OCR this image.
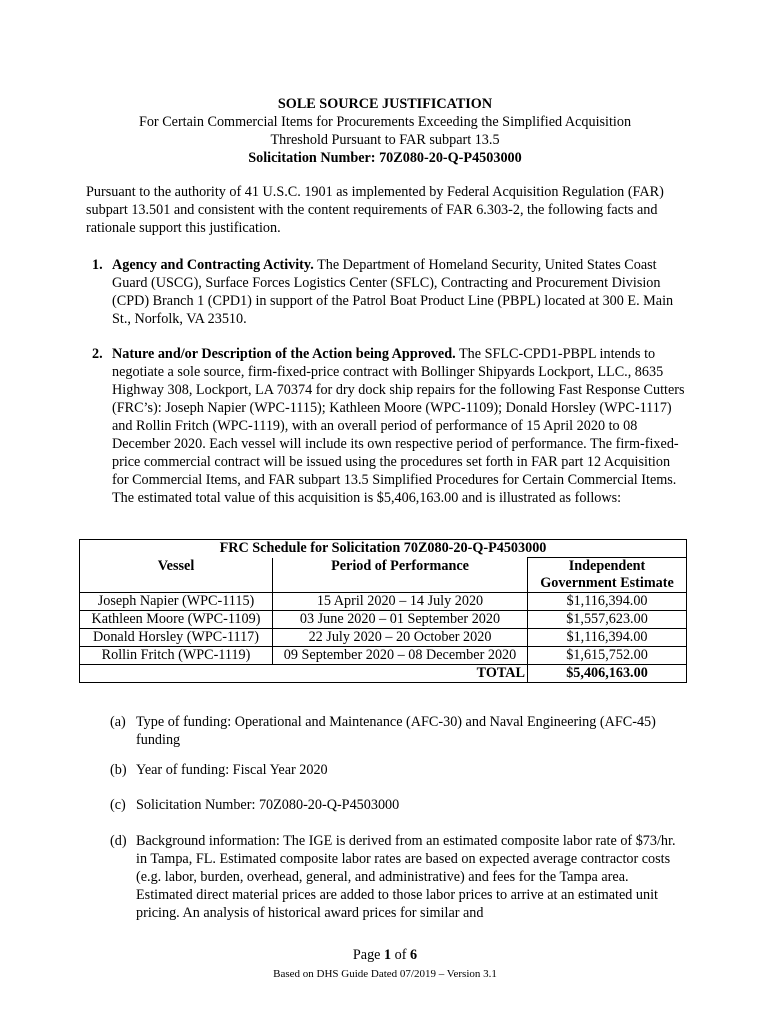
SOLE SOURCE JUSTIFICATION
For Certain Commercial Items for Procurements Exceeding the Simplified Acquisition
Threshold Pursuant to FAR subpart 13.5
Solicitation Number: 70Z080-20-Q-P4503000
Pursuant to the authority of 41 U.S.C. 1901 as implemented by Federal Acquisition Regulation (FAR) subpart 13.501 and consistent with the content requirements of FAR 6.303-2, the following facts and rationale support this justification.
1. Agency and Contracting Activity. The Department of Homeland Security, United States Coast Guard (USCG), Surface Forces Logistics Center (SFLC), Contracting and Procurement Division (CPD) Branch 1 (CPD1) in support of the Patrol Boat Product Line (PBPL) located at 300 E. Main St., Norfolk, VA 23510.
2. Nature and/or Description of the Action being Approved. The SFLC-CPD1-PBPL intends to negotiate a sole source, firm-fixed-price contract with Bollinger Shipyards Lockport, LLC., 8635 Highway 308, Lockport, LA 70374 for dry dock ship repairs for the following Fast Response Cutters (FRC’s): Joseph Napier (WPC-1115); Kathleen Moore (WPC-1109); Donald Horsley (WPC-1117) and Rollin Fritch (WPC-1119), with an overall period of performance of 15 April 2020 to 08 December 2020. Each vessel will include its own respective period of performance. The firm-fixed-price commercial contract will be issued using the procedures set forth in FAR part 12 Acquisition for Commercial Items, and FAR subpart 13.5 Simplified Procedures for Certain Commercial Items. The estimated total value of this acquisition is $5,406,163.00 and is illustrated as follows:
FRC Schedule for Solicitation 70Z080-20-Q-P4503000		
Vessel	Period of Performance	Independent
Government Estimate
Joseph Napier (WPC-1115)	15 April 2020 – 14 July 2020	$1,116,394.00
Kathleen Moore (WPC-1109)	03 June 2020 – 01 September 2020	$1,557,623.00
Donald Horsley (WPC-1117)	22 July 2020 – 20 October 2020	$1,116,394.00
Rollin Fritch (WPC-1119)	09 September 2020 – 08 December 2020	$1,615,752.00
TOTAL		$5,406,163.00
(a) Type of funding: Operational and Maintenance (AFC-30) and Naval Engineering (AFC-45) funding
(b) Year of funding: Fiscal Year 2020
(c) Solicitation Number: 70Z080-20-Q-P4503000
(d) Background information: The IGE is derived from an estimated composite labor rate of $73/hr. in Tampa, FL. Estimated composite labor rates are based on expected average contractor costs (e.g. labor, burden, overhead, general, and administrative) and fees for the Tampa area. Estimated direct material prices are added to those labor prices to arrive at an estimated unit pricing. An analysis of historical award prices for similar and
Page 1 of 6
Based on DHS Guide Dated 07/2019 – Version 3.1
